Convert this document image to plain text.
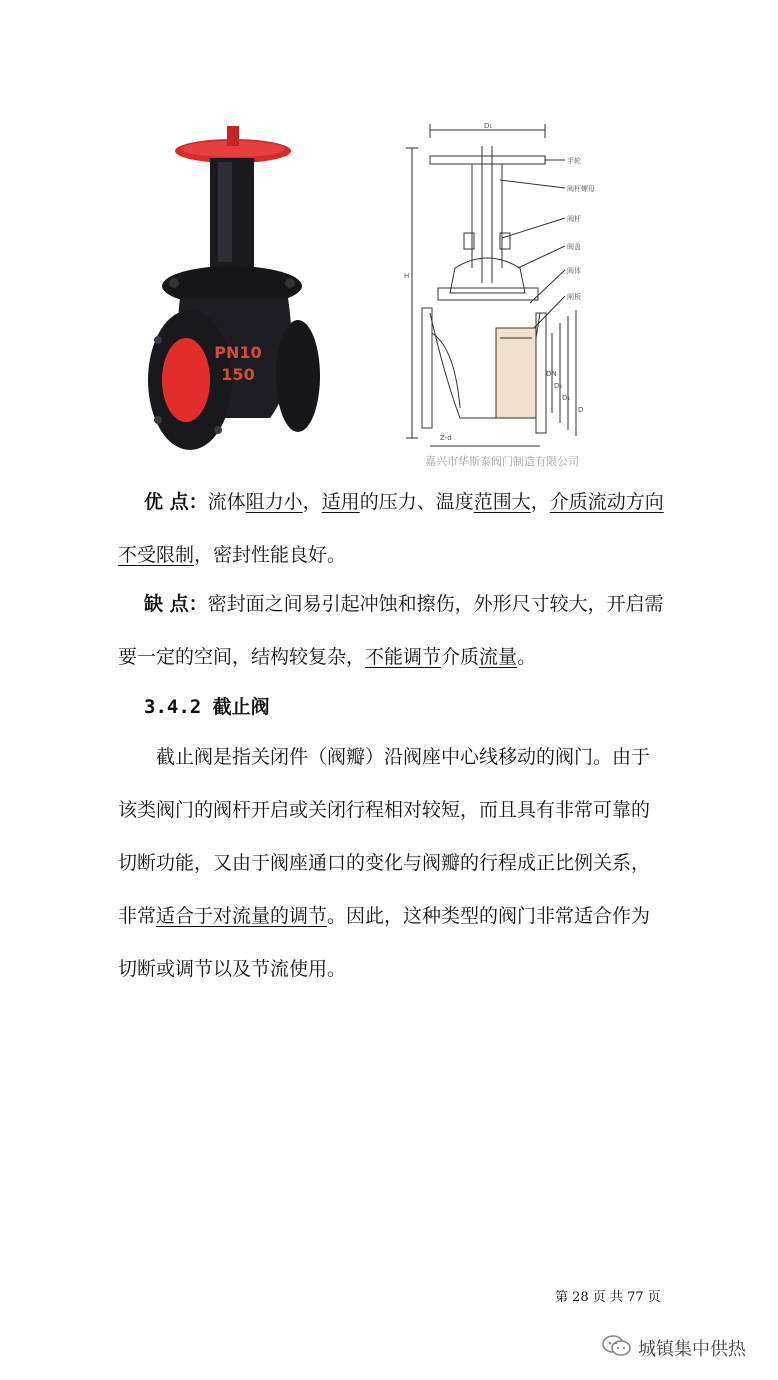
PN10
150
D₁
H
手轮
阀杆螺母
阀杆
阀盖
阀体
闸板
DN
D₂
D₁
D
Z-d
嘉兴市华斯泰阀门制造有限公司

优 点：流体阻力小，适用的压力、温度范围大，介质流动方向不受限制，密封性能良好。

缺 点：密封面之间易引起冲蚀和擦伤，外形尺寸较大，开启需要一定的空间，结构较复杂，不能调节介质流量。

3.4.2 截止阀

截止阀是指关闭件（阀瓣）沿阀座中心线移动的阀门。由于该类阀门的阀杆开启或关闭行程相对较短，而且具有非常可靠的切断功能，又由于阀座通口的变化与阀瓣的行程成正比例关系，非常适合于对流量的调节。因此，这种类型的阀门非常适合作为切断或调节以及节流使用。

第 28 页 共 77 页
城镇集中供热
